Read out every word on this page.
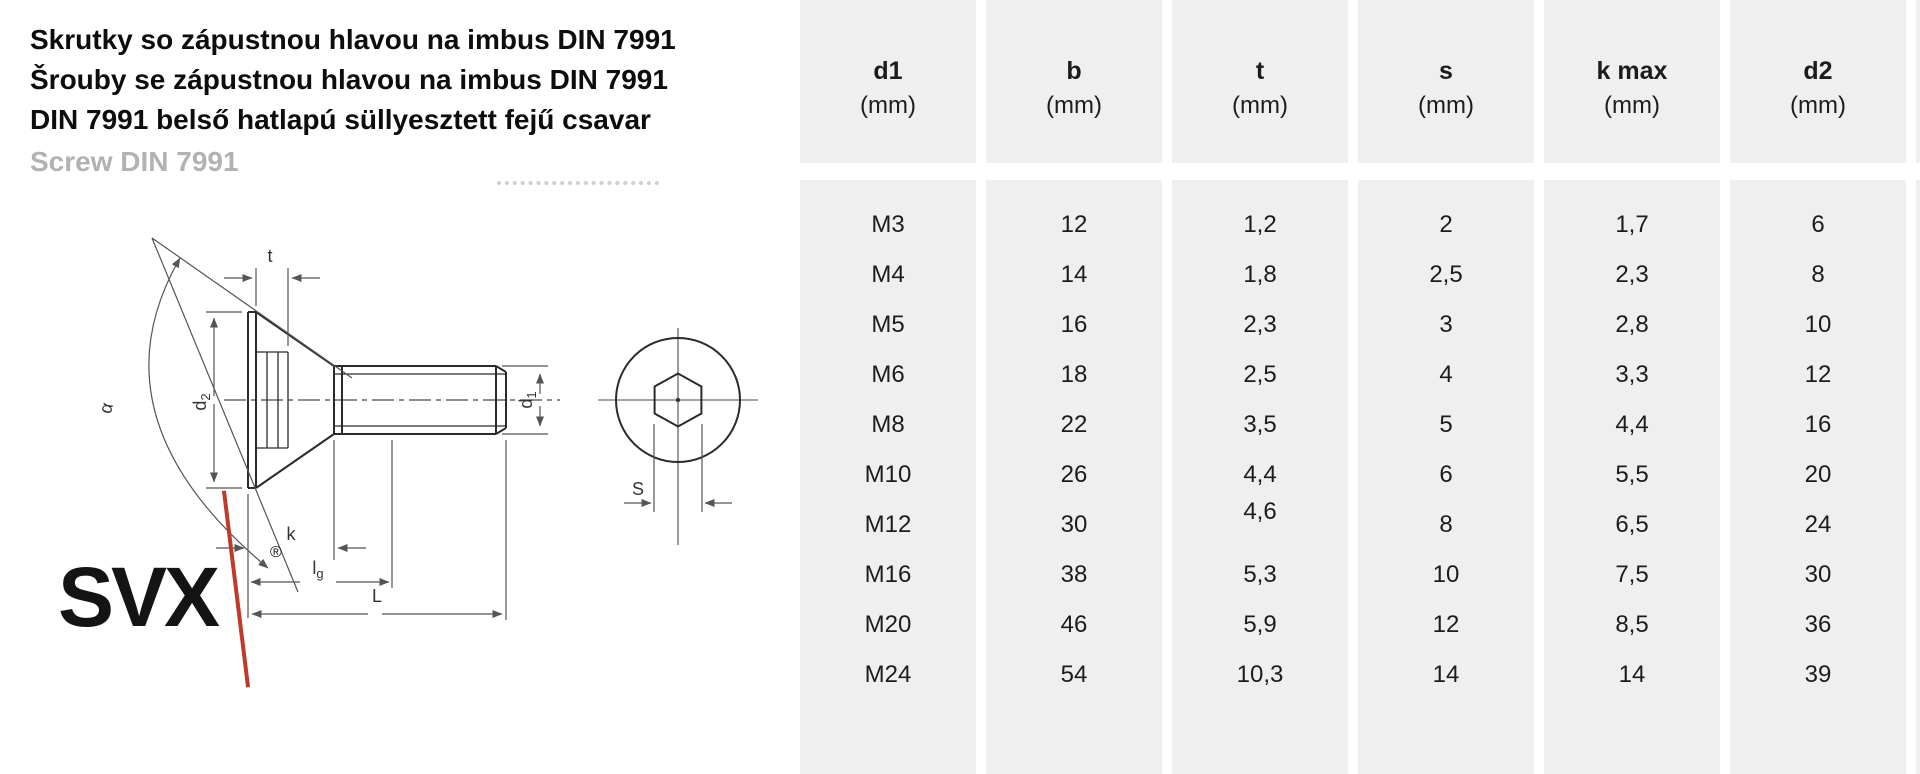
Skrutky so zápustnou hlavou na imbus DIN 7991
Šrouby se zápustnou hlavou na imbus DIN 7991
DIN 7991 belső hatlapú süllyesztett fejű csavar
Screw DIN 7991
t
$d_2$
k
$l_g$
L
$d_1$
α
S
SVX	®
d1
(mm)
M3
M4
M5
M6
M8
M10
M12
M16
M20
M24
b
(mm)
12
14
16
18
22
26
30
38
46
54
t
(mm)
1,2
1,8
2,3
2,5
3,5
4,4
4,6
5,3
5,9
10,3
s
(mm)
2
2,5
3
4
5
6
8
10
12
14
k max
(mm)
1,7
2,3
2,8
3,3
4,4
5,5
6,5
7,5
8,5
14
d2
(mm)
6
8
10
12
16
20
24
30
36
39
